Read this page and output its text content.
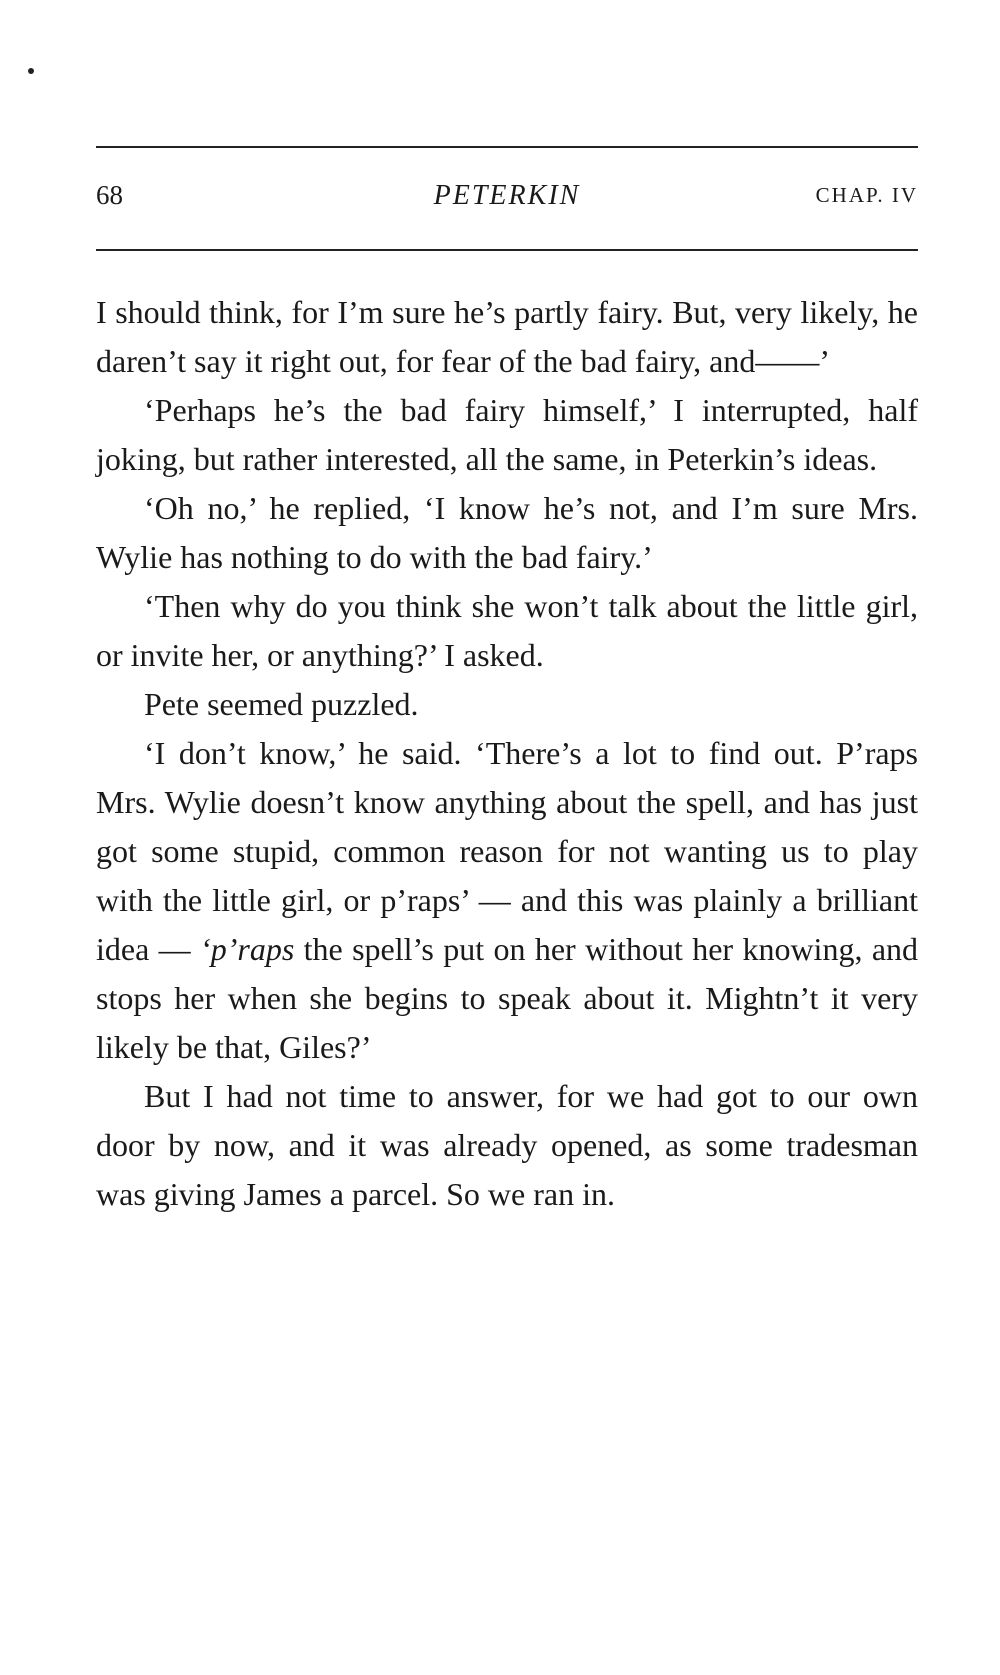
68	PETERKIN	CHAP. IV

I should think, for I’m sure he’s partly fairy. But, very likely, he daren’t say it right out, for fear of the bad fairy, and——’

‘Perhaps he’s the bad fairy himself,’ I interrupted, half joking, but rather interested, all the same, in Peterkin’s ideas.

‘Oh no,’ he replied, ‘I know he’s not, and I’m sure Mrs. Wylie has nothing to do with the bad fairy.’

‘Then why do you think she won’t talk about the little girl, or invite her, or anything?’ I asked.

Pete seemed puzzled.

‘I don’t know,’ he said. ‘There’s a lot to find out. P’raps Mrs. Wylie doesn’t know anything about the spell, and has just got some stupid, common reason for not wanting us to play with the little girl, or p’raps’ — and this was plainly a brilliant idea — ‘p’raps the spell’s put on her without her knowing, and stops her when she begins to speak about it. Mightn’t it very likely be that, Giles?’

But I had not time to answer, for we had got to our own door by now, and it was already opened, as some tradesman was giving James a parcel. So we ran in.
